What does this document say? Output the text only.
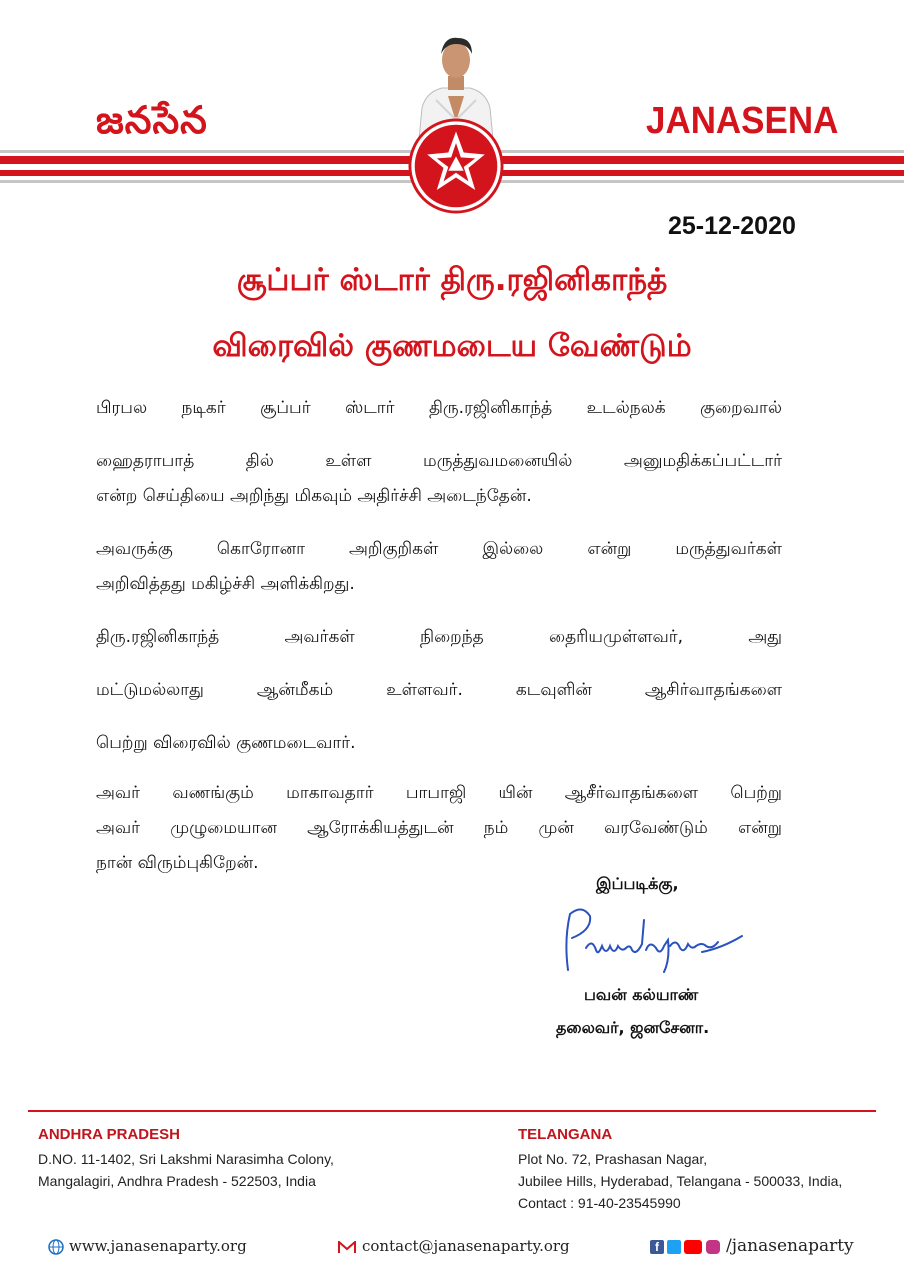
జనసేన	JANASENA
25-12-2020
சூப்பர் ஸ்டார் திரு.ரஜினிகாந்த்
விரைவில் குணமடைய வேண்டும்
பிரபல நடிகர் சூப்பர் ஸ்டார் திரு.ரஜினிகாந்த் உடல்நலக் குறைவால்
ஹைதராபாத் தில் உள்ள மருத்துவமனையில் அனுமதிக்கப்பட்டார்
என்ற செய்தியை அறிந்து மிகவும் அதிர்ச்சி அடைந்தேன்.
அவருக்கு கொரோனா அறிகுறிகள் இல்லை என்று மருத்துவர்கள்
அறிவித்தது மகிழ்ச்சி அளிக்கிறது.
திரு.ரஜினிகாந்த் அவர்கள் நிறைந்த தைரியமுள்ளவர், அது
மட்டுமல்லாது ஆன்மீகம் உள்ளவர். கடவுளின் ஆசிர்வாதங்களை
பெற்று விரைவில் குணமடைவார்.
அவர் வணங்கும் மாகாவதார் பாபாஜி யின் ஆசீர்வாதங்களை பெற்று
அவர் முழுமையான ஆரோக்கியத்துடன் நம் முன் வரவேண்டும் என்று
நான் விரும்புகிறேன்.
இப்படிக்கு,
பவன் கல்யாண்
தலைவர், ஜனசேனா.
ANDHRA PRADESH
D.NO. 11-1402, Sri Lakshmi Narasimha Colony,
Mangalagiri, Andhra Pradesh - 522503, India
TELANGANA
Plot No. 72, Prashasan Nagar,
Jubilee Hills, Hyderabad, Telangana - 500033, India,
Contact : 91-40-23545990
www.janasenaparty.org	contact@janasenaparty.org	f	/janasenaparty
